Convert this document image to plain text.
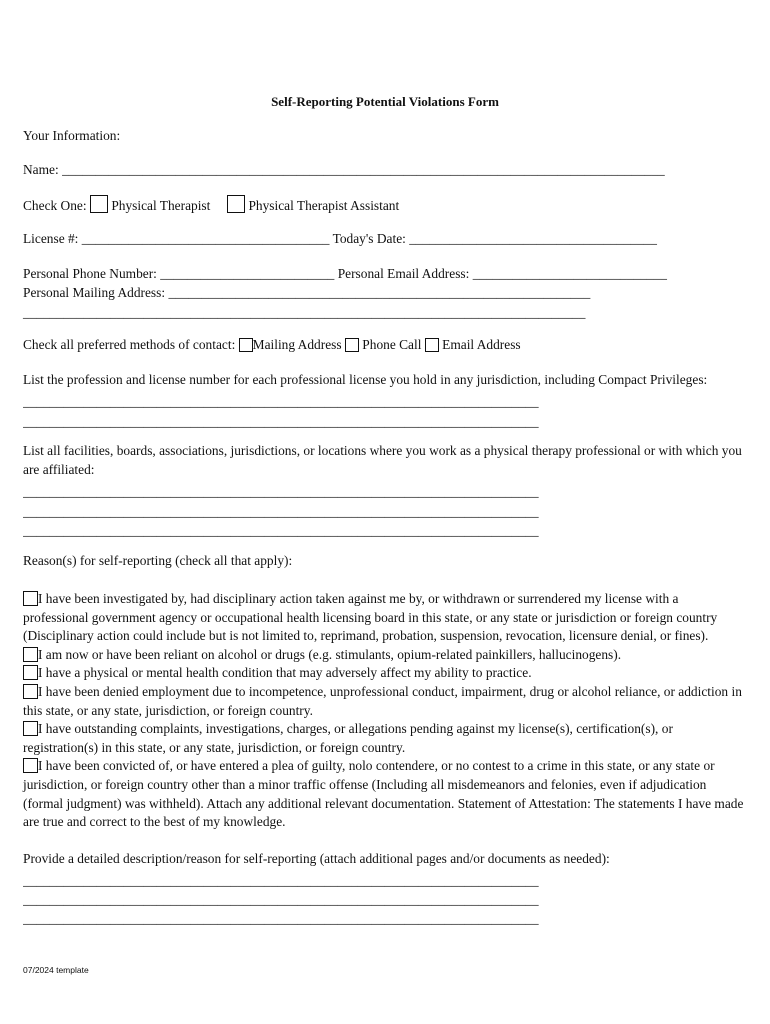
Self-Reporting Potential Violations Form
Your Information:
Name: __________________________________________________________________________________________
Check One: Physical Therapist	Physical Therapist Assistant
License #: _____________________________________ Today's Date: _____________________________________
Personal Phone Number: __________________________ Personal Email Address: _____________________________
Personal Mailing Address: _______________________________________________________________
____________________________________________________________________________________
Check all preferred methods of contact: Mailing Address Phone Call Email Address
List the profession and license number for each professional license you hold in any jurisdiction, including Compact Privileges:
_____________________________________________________________________________
_____________________________________________________________________________
List all facilities, boards, associations, jurisdictions, or locations where you work as a physical therapy professional or with which you are affiliated:
_____________________________________________________________________________
_____________________________________________________________________________
_____________________________________________________________________________
Reason(s) for self-reporting (check all that apply):
I have been investigated by, had disciplinary action taken against me by, or withdrawn or surrendered my license with a professional government agency or occupational health licensing board in this state, or any state or jurisdiction or foreign country (Disciplinary action could include but is not limited to, reprimand, probation, suspension, revocation, licensure denial, or fines).
I am now or have been reliant on alcohol or drugs (e.g. stimulants, opium-related painkillers, hallucinogens).
I have a physical or mental health condition that may adversely affect my ability to practice.
I have been denied employment due to incompetence, unprofessional conduct, impairment, drug or alcohol reliance, or addiction in this state, or any state, jurisdiction, or foreign country.
I have outstanding complaints, investigations, charges, or allegations pending against my license(s), certification(s), or registration(s) in this state, or any state, jurisdiction, or foreign country.
I have been convicted of, or have entered a plea of guilty, nolo contendere, or no contest to a crime in this state, or any state or jurisdiction, or foreign country other than a minor traffic offense (Including all misdemeanors and felonies, even if adjudication (formal judgment) was withheld). Attach any additional relevant documentation. Statement of Attestation: The statements I have made are true and correct to the best of my knowledge.
Provide a detailed description/reason for self-reporting (attach additional pages and/or documents as needed):
_____________________________________________________________________________
_____________________________________________________________________________
_____________________________________________________________________________
07/2024 template
